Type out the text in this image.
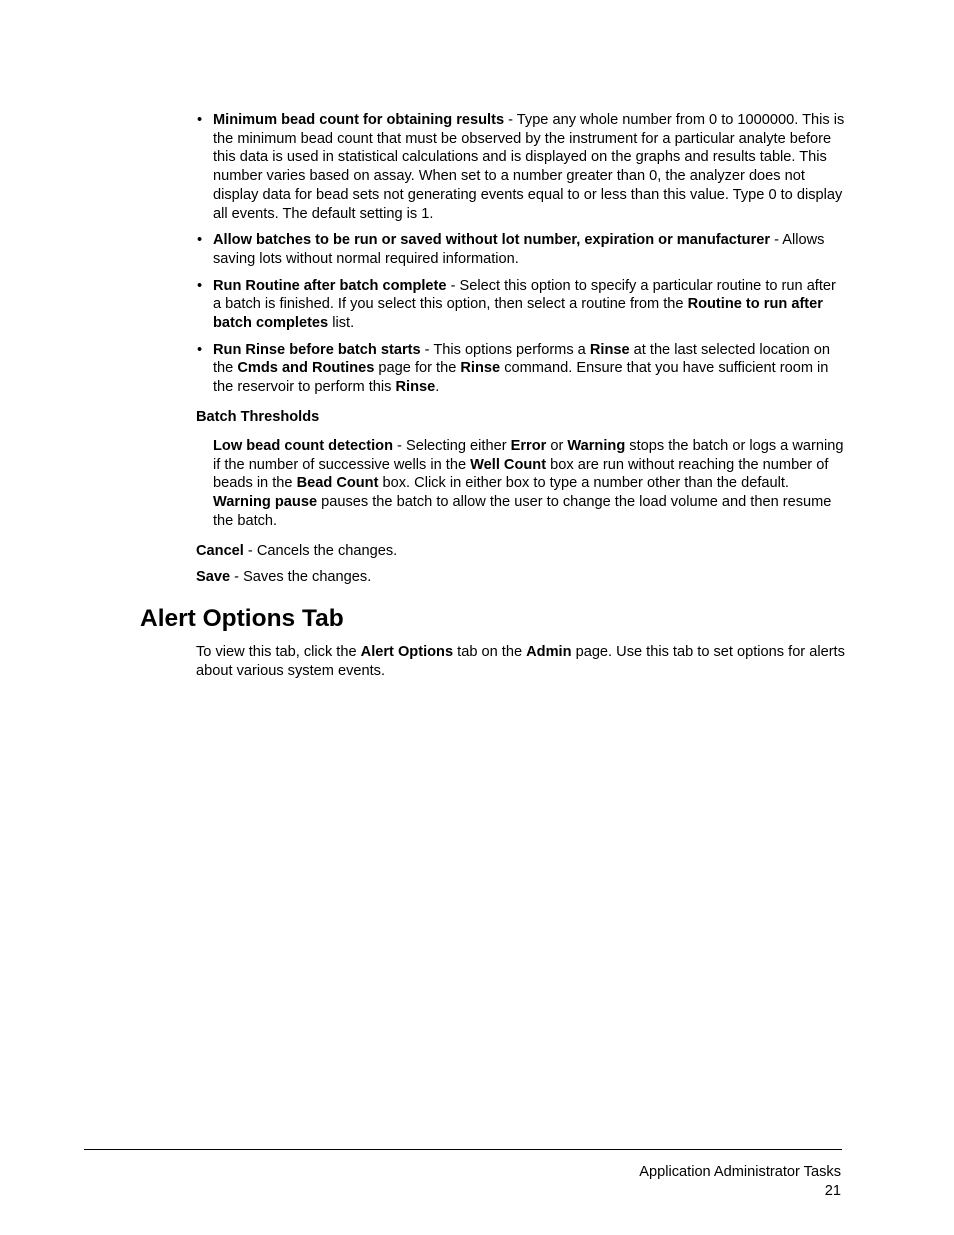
• Minimum bead count for obtaining results - Type any whole number from 0 to 1000000. This is the minimum bead count that must be observed by the instrument for a particular analyte before this data is used in statistical calculations and is displayed on the graphs and results table. This number varies based on assay. When set to a number greater than 0, the analyzer does not display data for bead sets not generating events equal to or less than this value. Type 0 to display all events. The default setting is 1.
• Allow batches to be run or saved without lot number, expiration or manufacturer - Allows saving lots without normal required information.
• Run Routine after batch complete - Select this option to specify a particular routine to run after a batch is finished. If you select this option, then select a routine from the Routine to run after batch completes list.
• Run Rinse before batch starts - This options performs a Rinse at the last selected location on the Cmds and Routines page for the Rinse command. Ensure that you have sufficient room in the reservoir to perform this Rinse.

Batch Thresholds

Low bead count detection - Selecting either Error or Warning stops the batch or logs a warning if the number of successive wells in the Well Count box are run without reaching the number of beads in the Bead Count box. Click in either box to type a number other than the default. Warning pause pauses the batch to allow the user to change the load volume and then resume the batch.

Cancel - Cancels the changes.

Save - Saves the changes.

Alert Options Tab

To view this tab, click the Alert Options tab on the Admin page. Use this tab to set options for alerts about various system events.

Application Administrator Tasks
21
